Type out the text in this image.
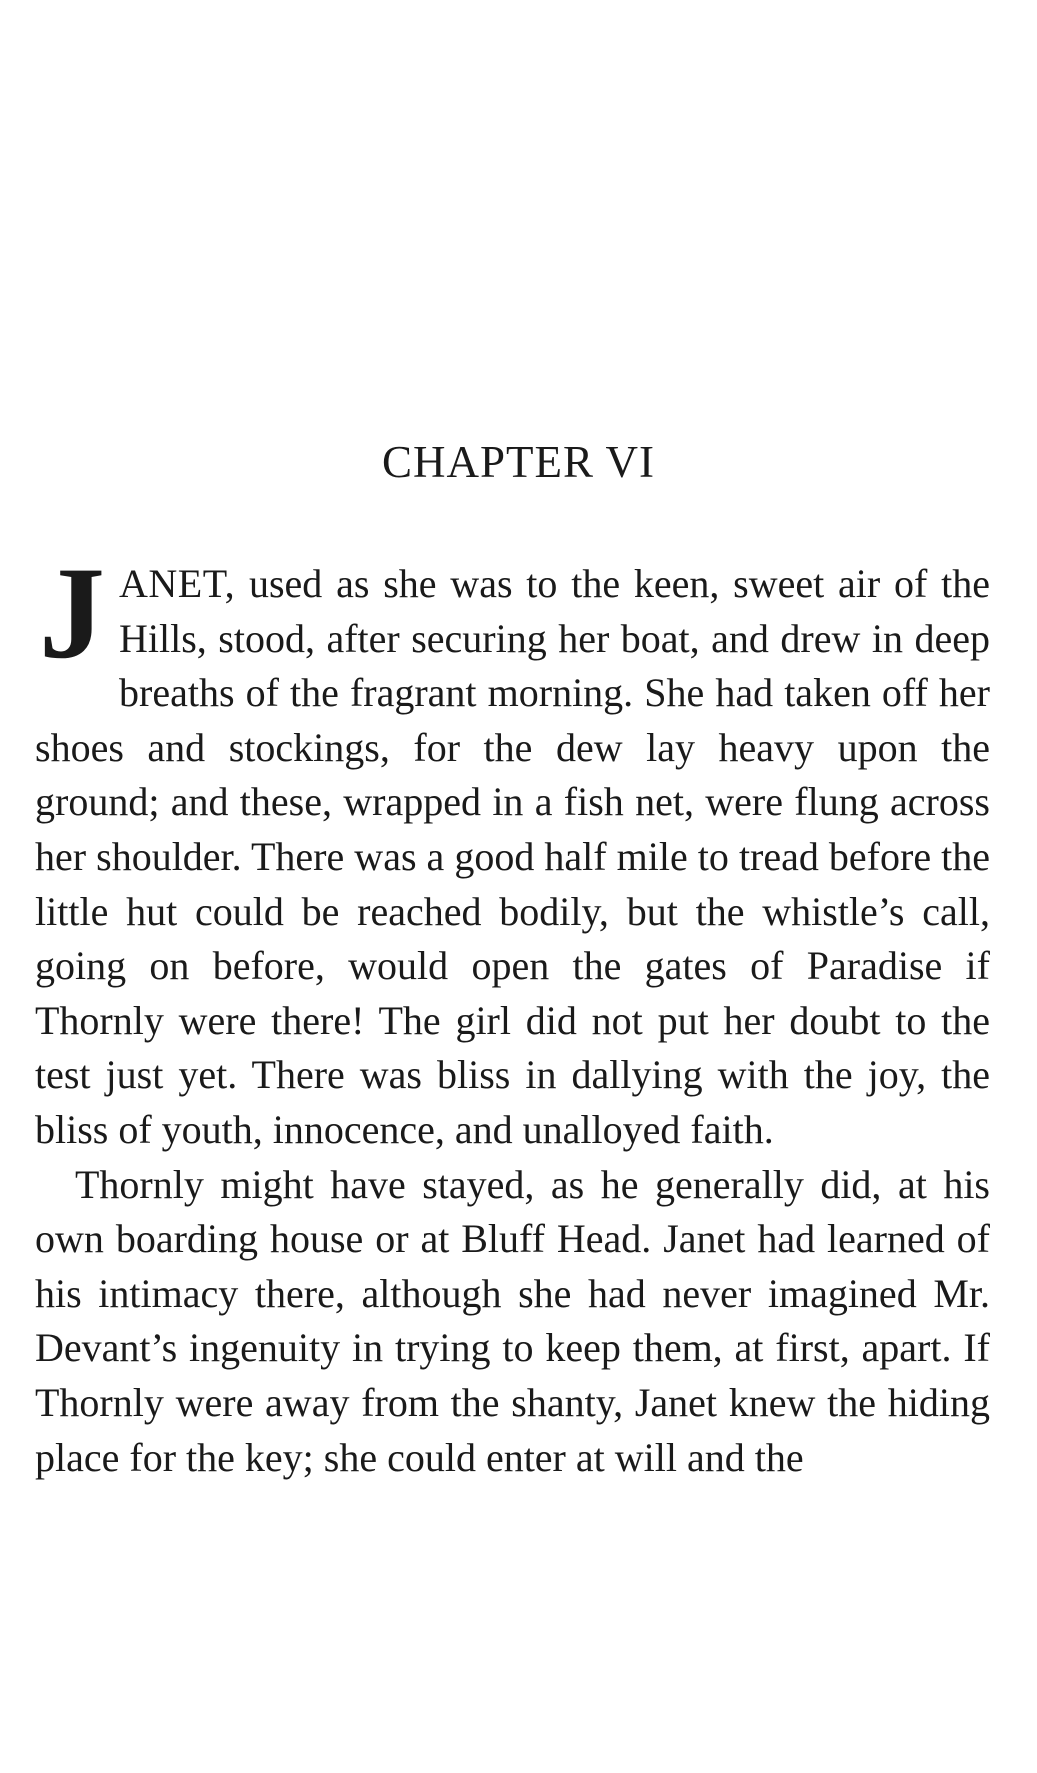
CHAPTER VI

JANET, used as she was to the keen, sweet air of the Hills, stood, after securing her boat, and drew in deep breaths of the fragrant morning. She had taken off her shoes and stockings, for the dew lay heavy upon the ground; and these, wrapped in a fish net, were flung across her shoulder. There was a good half mile to tread before the little hut could be reached bodily, but the whistle’s call, going on before, would open the gates of Paradise if Thornly were there! The girl did not put her doubt to the test just yet. There was bliss in dallying with the joy, the bliss of youth, innocence, and unalloyed faith.

Thornly might have stayed, as he generally did, at his own boarding house or at Bluff Head. Janet had learned of his intimacy there, although she had never imagined Mr. Devant’s ingenuity in trying to keep them, at first, apart. If Thornly were away from the shanty, Janet knew the hiding place for the key; she could enter at will and the
